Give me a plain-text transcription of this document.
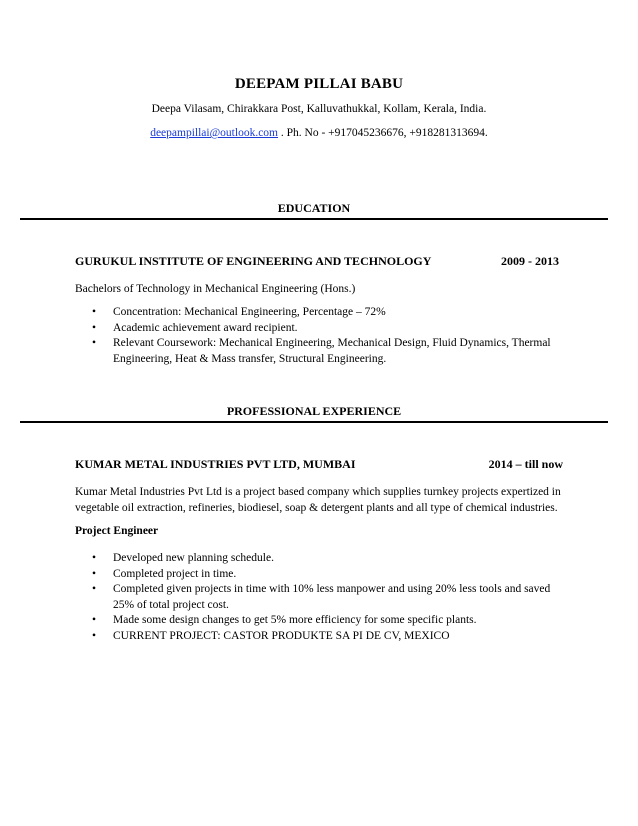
DEEPAM PILLAI BABU
Deepa Vilasam, Chirakkara Post, Kalluvathukkal, Kollam, Kerala, India.
deepampillai@outlook.com . Ph. No - +917045236676, +918281313694.
EDUCATION
GURUKUL INSTITUTE OF ENGINEERING AND TECHNOLOGY	2009 - 2013
Bachelors of Technology in Mechanical Engineering (Hons.)
• Concentration: Mechanical Engineering, Percentage – 72%
• Academic achievement award recipient.
• Relevant Coursework: Mechanical Engineering, Mechanical Design, Fluid Dynamics, Thermal Engineering, Heat & Mass transfer, Structural Engineering.
PROFESSIONAL EXPERIENCE
KUMAR METAL INDUSTRIES PVT LTD, MUMBAI	2014 – till now
Kumar Metal Industries Pvt Ltd is a project based company which supplies turnkey projects expertized in vegetable oil extraction, refineries, biodiesel, soap & detergent plants and all type of chemical industries.
Project Engineer
• Developed new planning schedule.
• Completed project in time.
• Completed given projects in time with 10% less manpower and using 20% less tools and saved 25% of total project cost.
• Made some design changes to get 5% more efficiency for some specific plants.
• CURRENT PROJECT: CASTOR PRODUKTE SA PI DE CV, MEXICO
